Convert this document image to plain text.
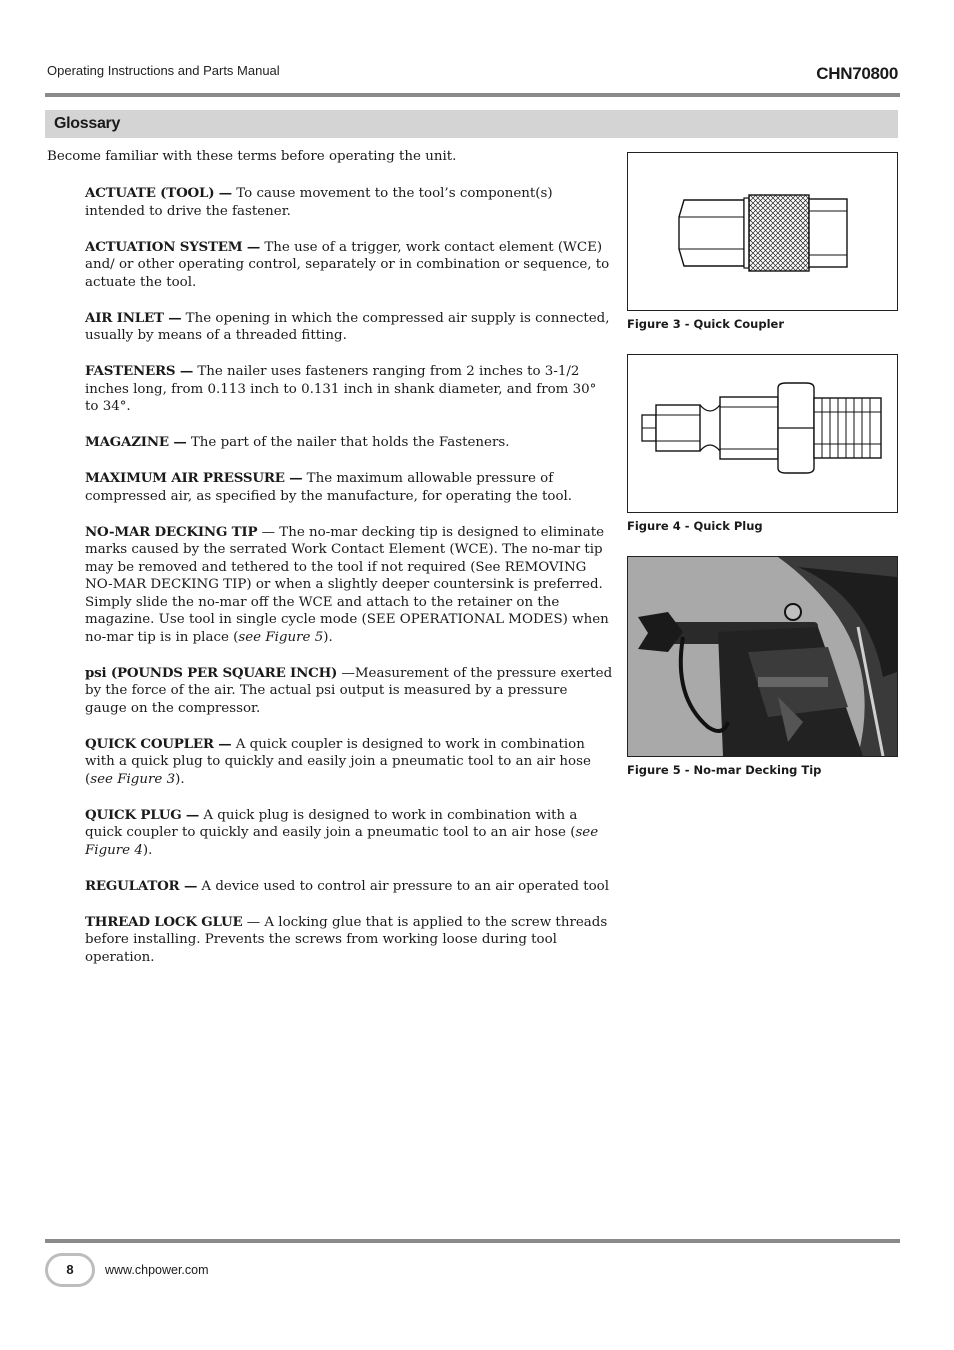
Operating Instructions and Parts Manual	CHN70800
Glossary
Become familiar with these terms before operating the unit.

ACTUATE (TOOL) — To cause movement to the tool’s component(s) intended to drive the fastener.

ACTUATION SYSTEM — The use of a trigger, work contact element (WCE) and/ or other operating control, separately or in combination or sequence, to actuate the tool.

AIR INLET — The opening in which the compressed air supply is connected, usually by means of a threaded fitting.

FASTENERS — The nailer uses fasteners ranging from 2 inches to 3-1/2 inches long, from 0.113 inch to 0.131 inch in shank diameter, and from 30° to 34°.

MAGAZINE — The part of the nailer that holds the Fasteners.

MAXIMUM AIR PRESSURE — The maximum allowable pressure of compressed air, as specified by the manufacture, for operating the tool.

NO-MAR DECKING TIP — The no-mar decking tip is designed to eliminate marks caused by the serrated Work Contact Element (WCE). The no-mar tip may be removed and tethered to the tool if not required (See REMOVING NO-MAR DECKING TIP) or when a slightly deeper countersink is preferred. Simply slide the no-mar off the WCE and attach to the retainer on the magazine. Use tool in single cycle mode (SEE OPERATIONAL MODES) when no-mar tip is in place (see Figure 5).

psi (POUNDS PER SQUARE INCH) —Measurement of the pressure exerted by the force of the air. The actual psi output is measured by a pressure gauge on the compressor.

QUICK COUPLER — A quick coupler is designed to work in combination with a quick plug to quickly and easily join a pneumatic tool to an air hose (see Figure 3).

QUICK PLUG — A quick plug is designed to work in combination with a quick coupler to quickly and easily join a pneumatic tool to an air hose (see Figure 4).

REGULATOR — A device used to control air pressure to an air operated tool

THREAD LOCK GLUE — A locking glue that is applied to the screw threads before installing. Prevents the screws from working loose during tool operation.

Figure 3 - Quick Coupler
Figure 4 - Quick Plug
Figure 5 - No-mar Decking Tip
8	www.chpower.com
